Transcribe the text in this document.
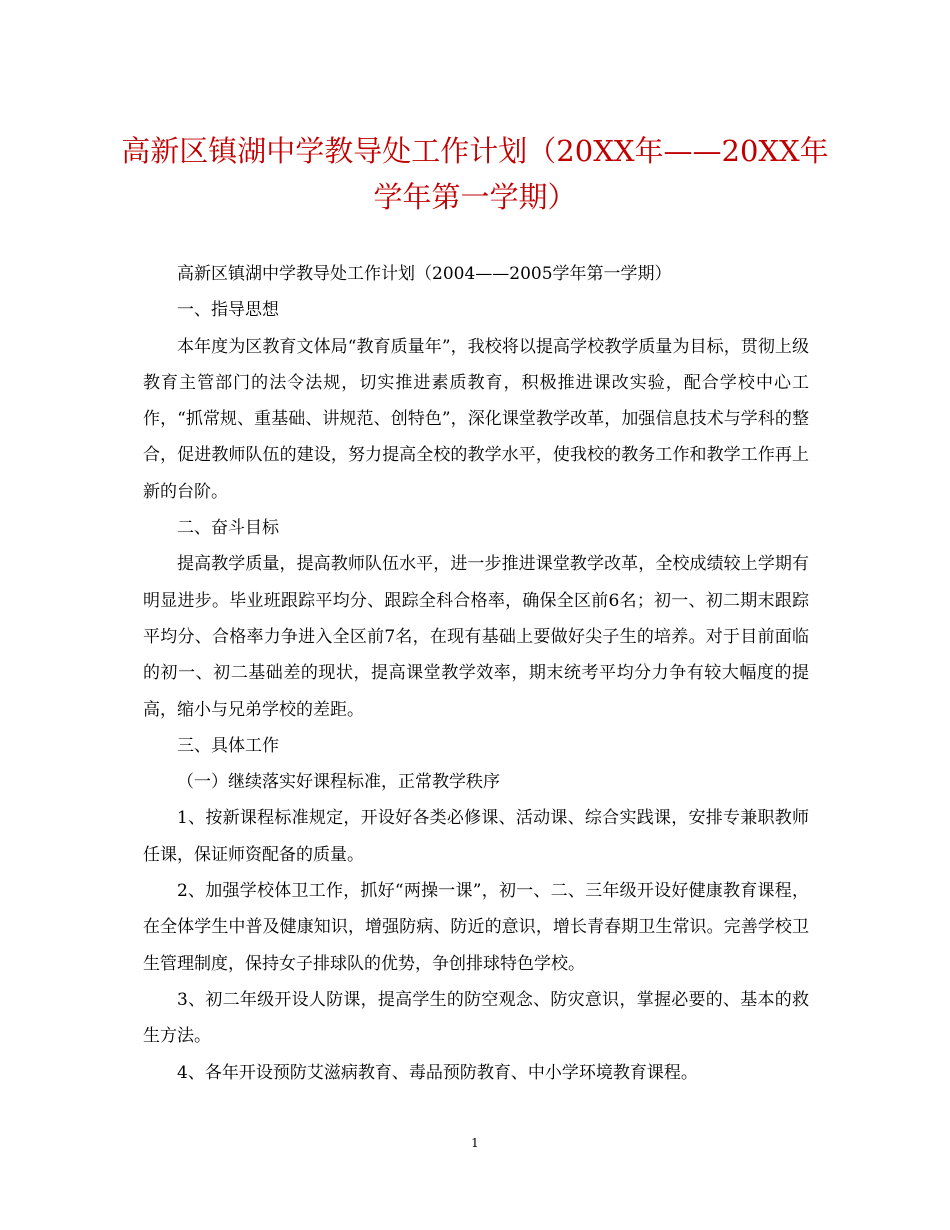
高新区镇湖中学教导处工作计划（20XX年——20XX年学年第一学期）

高新区镇湖中学教导处工作计划（2004——2005学年第一学期）

一、指导思想

本年度为区教育文体局“教育质量年”，我校将以提高学校教学质量为目标，贯彻上级教育主管部门的法令法规，切实推进素质教育，积极推进课改实验，配合学校中心工作，“抓常规、重基础、讲规范、创特色”，深化课堂教学改革，加强信息技术与学科的整合，促进教师队伍的建设，努力提高全校的教学水平，使我校的教务工作和教学工作再上新的台阶。

二、奋斗目标

提高教学质量，提高教师队伍水平，进一步推进课堂教学改革，全校成绩较上学期有明显进步。毕业班跟踪平均分、跟踪全科合格率，确保全区前6名；初一、初二期末跟踪平均分、合格率力争进入全区前7名，在现有基础上要做好尖子生的培养。对于目前面临的初一、初二基础差的现状，提高课堂教学效率，期末统考平均分力争有较大幅度的提高，缩小与兄弟学校的差距。

三、具体工作

（一）继续落实好课程标准，正常教学秩序

1、按新课程标准规定，开设好各类必修课、活动课、综合实践课，安排专兼职教师任课，保证师资配备的质量。

2、加强学校体卫工作，抓好“两操一课”，初一、二、三年级开设好健康教育课程，在全体学生中普及健康知识，增强防病、防近的意识，增长青春期卫生常识。完善学校卫生管理制度，保持女子排球队的优势，争创排球特色学校。

3、初二年级开设人防课，提高学生的防空观念、防灾意识，掌握必要的、基本的救生方法。

4、各年开设预防艾滋病教育、毒品预防教育、中小学环境教育课程。

1
